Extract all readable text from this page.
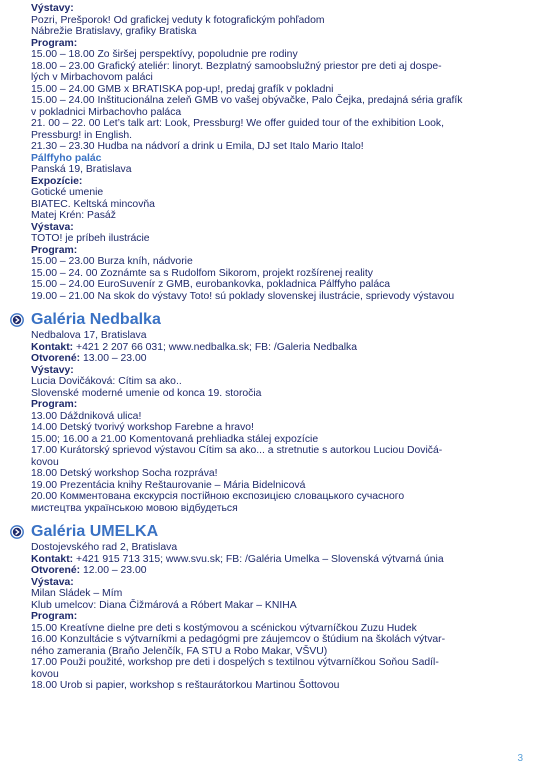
Výstavy:
Pozri, Prešporok! Od grafickej veduty k fotografickým pohľadom
Nábrežie Bratislavy, grafiky Bratiska
Program:
15.00 – 18.00 Zo širšej perspektívy, popoludnie pre rodiny
18.00 – 23.00 Grafický ateliér: linoryt. Bezplatný samoobslužný priestor pre deti aj dospe-
lých v Mirbachovom paláci
15.00 – 24.00 GMB x BRATISKA pop-up!, predaj grafík v pokladni
15.00 – 24.00 Inštitucionálna zeleň GMB vo vašej obývačke, Palo Čejka, predajná séria grafík
v pokladnici Mirbachovho paláca
21. 00 – 22. 00 Let’s talk art: Look, Pressburg! We offer guided tour of the exhibition Look,
Pressburg! in English.
21.30 – 23.30 Hudba na nádvorí a drink u Emila, DJ set Italo Mario Italo!
Pálffyho palác
Panská 19, Bratislava
Expozície:
Gotické umenie
BIATEC. Keltská mincovňa
Matej Krén: Pasáž
Výstava:
TOTO! je príbeh ilustrácie
Program:
15.00 – 23.00 Burza kníh, nádvorie
15.00 – 24. 00 Zoznámte sa s Rudolfom Sikorom, projekt rozšírenej reality
15.00 – 24.00 EuroSuvenír z GMB, eurobankovka, pokladnica Pálffyho paláca
19.00 – 21.00 Na skok do výstavy Toto! sú poklady slovenskej ilustrácie, sprievody výstavou
Galéria Nedbalka
Nedbalova 17, Bratislava
Kontakt: +421 2 207 66 031; www.nedbalka.sk; FB: /Galeria Nedbalka
Otvorené: 13.00 – 23.00
Výstavy:
Lucia Dovičáková: Cítim sa ako..
Slovenské moderné umenie od konca 19. storočia
Program:
13.00 Dáždniková ulica!
14.00 Detský tvorivý workshop Farebne a hravo!
15.00; 16.00 a 21.00 Komentovaná prehliadka stálej expozície
17.00 Kurátorský sprievod výstavou Cítim sa ako... a stretnutie s autorkou Luciou Dovičá-
kovou
18.00 Detský workshop Socha rozpráva!
19.00 Prezentácia knihy Reštaurovanie – Mária Bidelnicová
20.00 Комментована екскурсія постійною експозицією словацького сучасного
мистецтва українською мовою відбудеться
Galéria UMELKA
Dostojevského rad 2, Bratislava
Kontakt: +421 915 713 315; www.svu.sk; FB: /Galéria Umelka – Slovenská výtvarná únia
Otvorené: 12.00 – 23.00
Výstava:
Milan Sládek – Mím
Klub umelcov: Diana Čižmárová a Róbert Makar – KNIHA
Program:
15.00 Kreatívne dielne pre deti s kostýmovou a scénickou výtvarníčkou Zuzu Hudek
16.00 Konzultácie s výtvarníkmi a pedagógmi pre záujemcov o štúdium na školách výtvar-
ného zamerania (Braňo Jelenčík, FA STU a Robo Makar, VŠVU)
17.00 Použi použité, workshop pre deti i dospelých s textilnou výtvarníčkou Soňou Sadíl-
kovou
18.00 Urob si papier, workshop s reštaurátorkou Martinou Šottovou
3
